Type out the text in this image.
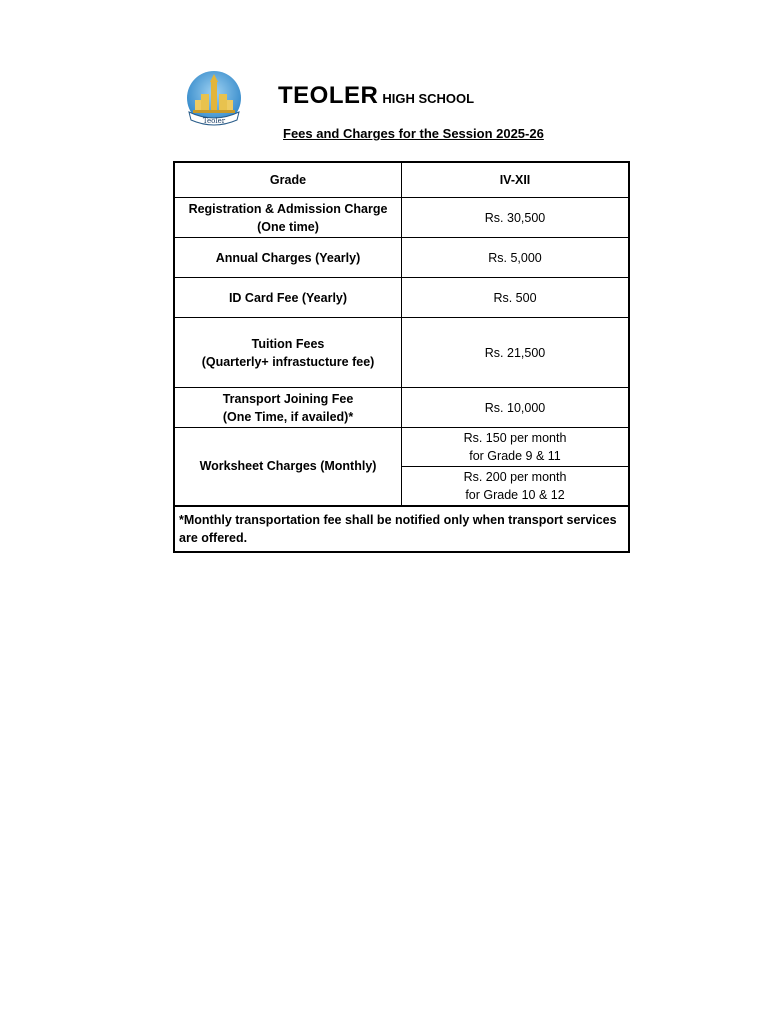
Teoler
TEOLER HIGH SCHOOL
Fees and Charges for the Session 2025-26
Grade	IV-XII
Registration & Admission Charge
(One time)	Rs. 30,500
Annual Charges (Yearly)	Rs. 5,000
ID Card Fee (Yearly)	Rs. 500
Tuition Fees
(Quarterly+ infrastucture fee)	Rs. 21,500
Transport Joining Fee
(One Time, if availed)*	Rs. 10,000
Worksheet Charges (Monthly)	Rs. 150 per month
for Grade 9 & 11
	Rs. 200 per month
for Grade 10 & 12
*Monthly transportation fee shall be notified only when transport services are offered.	
